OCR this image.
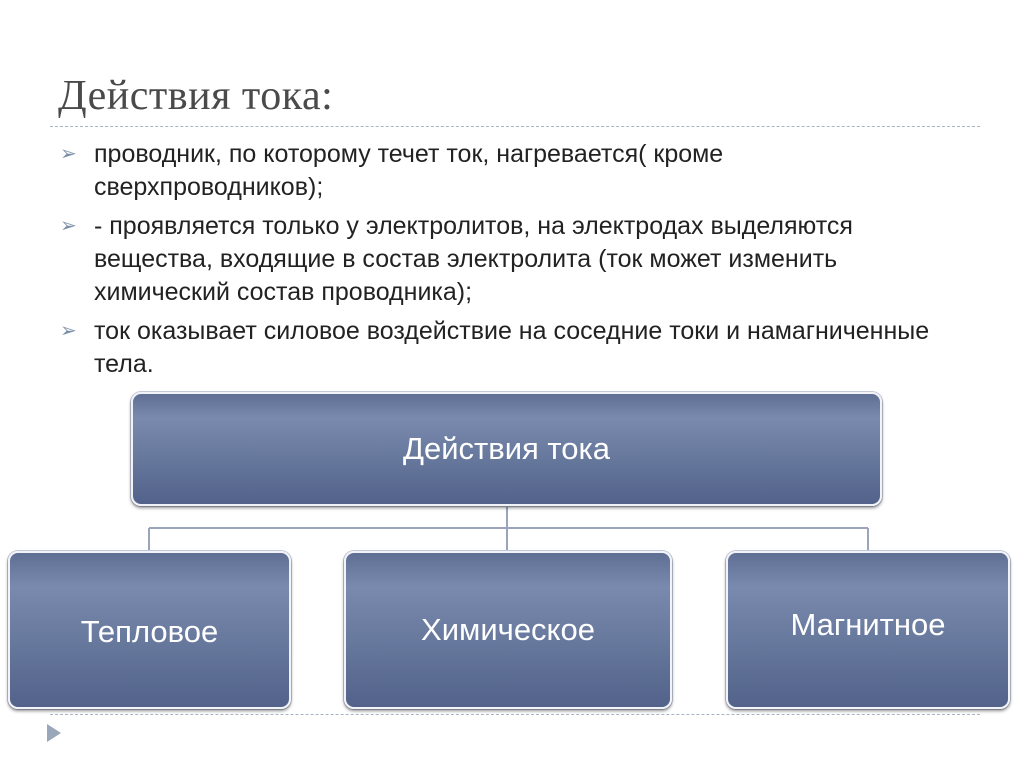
Действия тока:
➢ проводник, по которому течет ток, нагревается( кроме сверхпроводников);
➢ - проявляется только у электролитов, на электродах выделяются вещества, входящие в состав электролита (ток может изменить химический состав проводника);
➢ ток оказывает силовое воздействие на соседние токи и намагниченные тела.
Действия тока
Тепловое	Химическое	Магнитное
